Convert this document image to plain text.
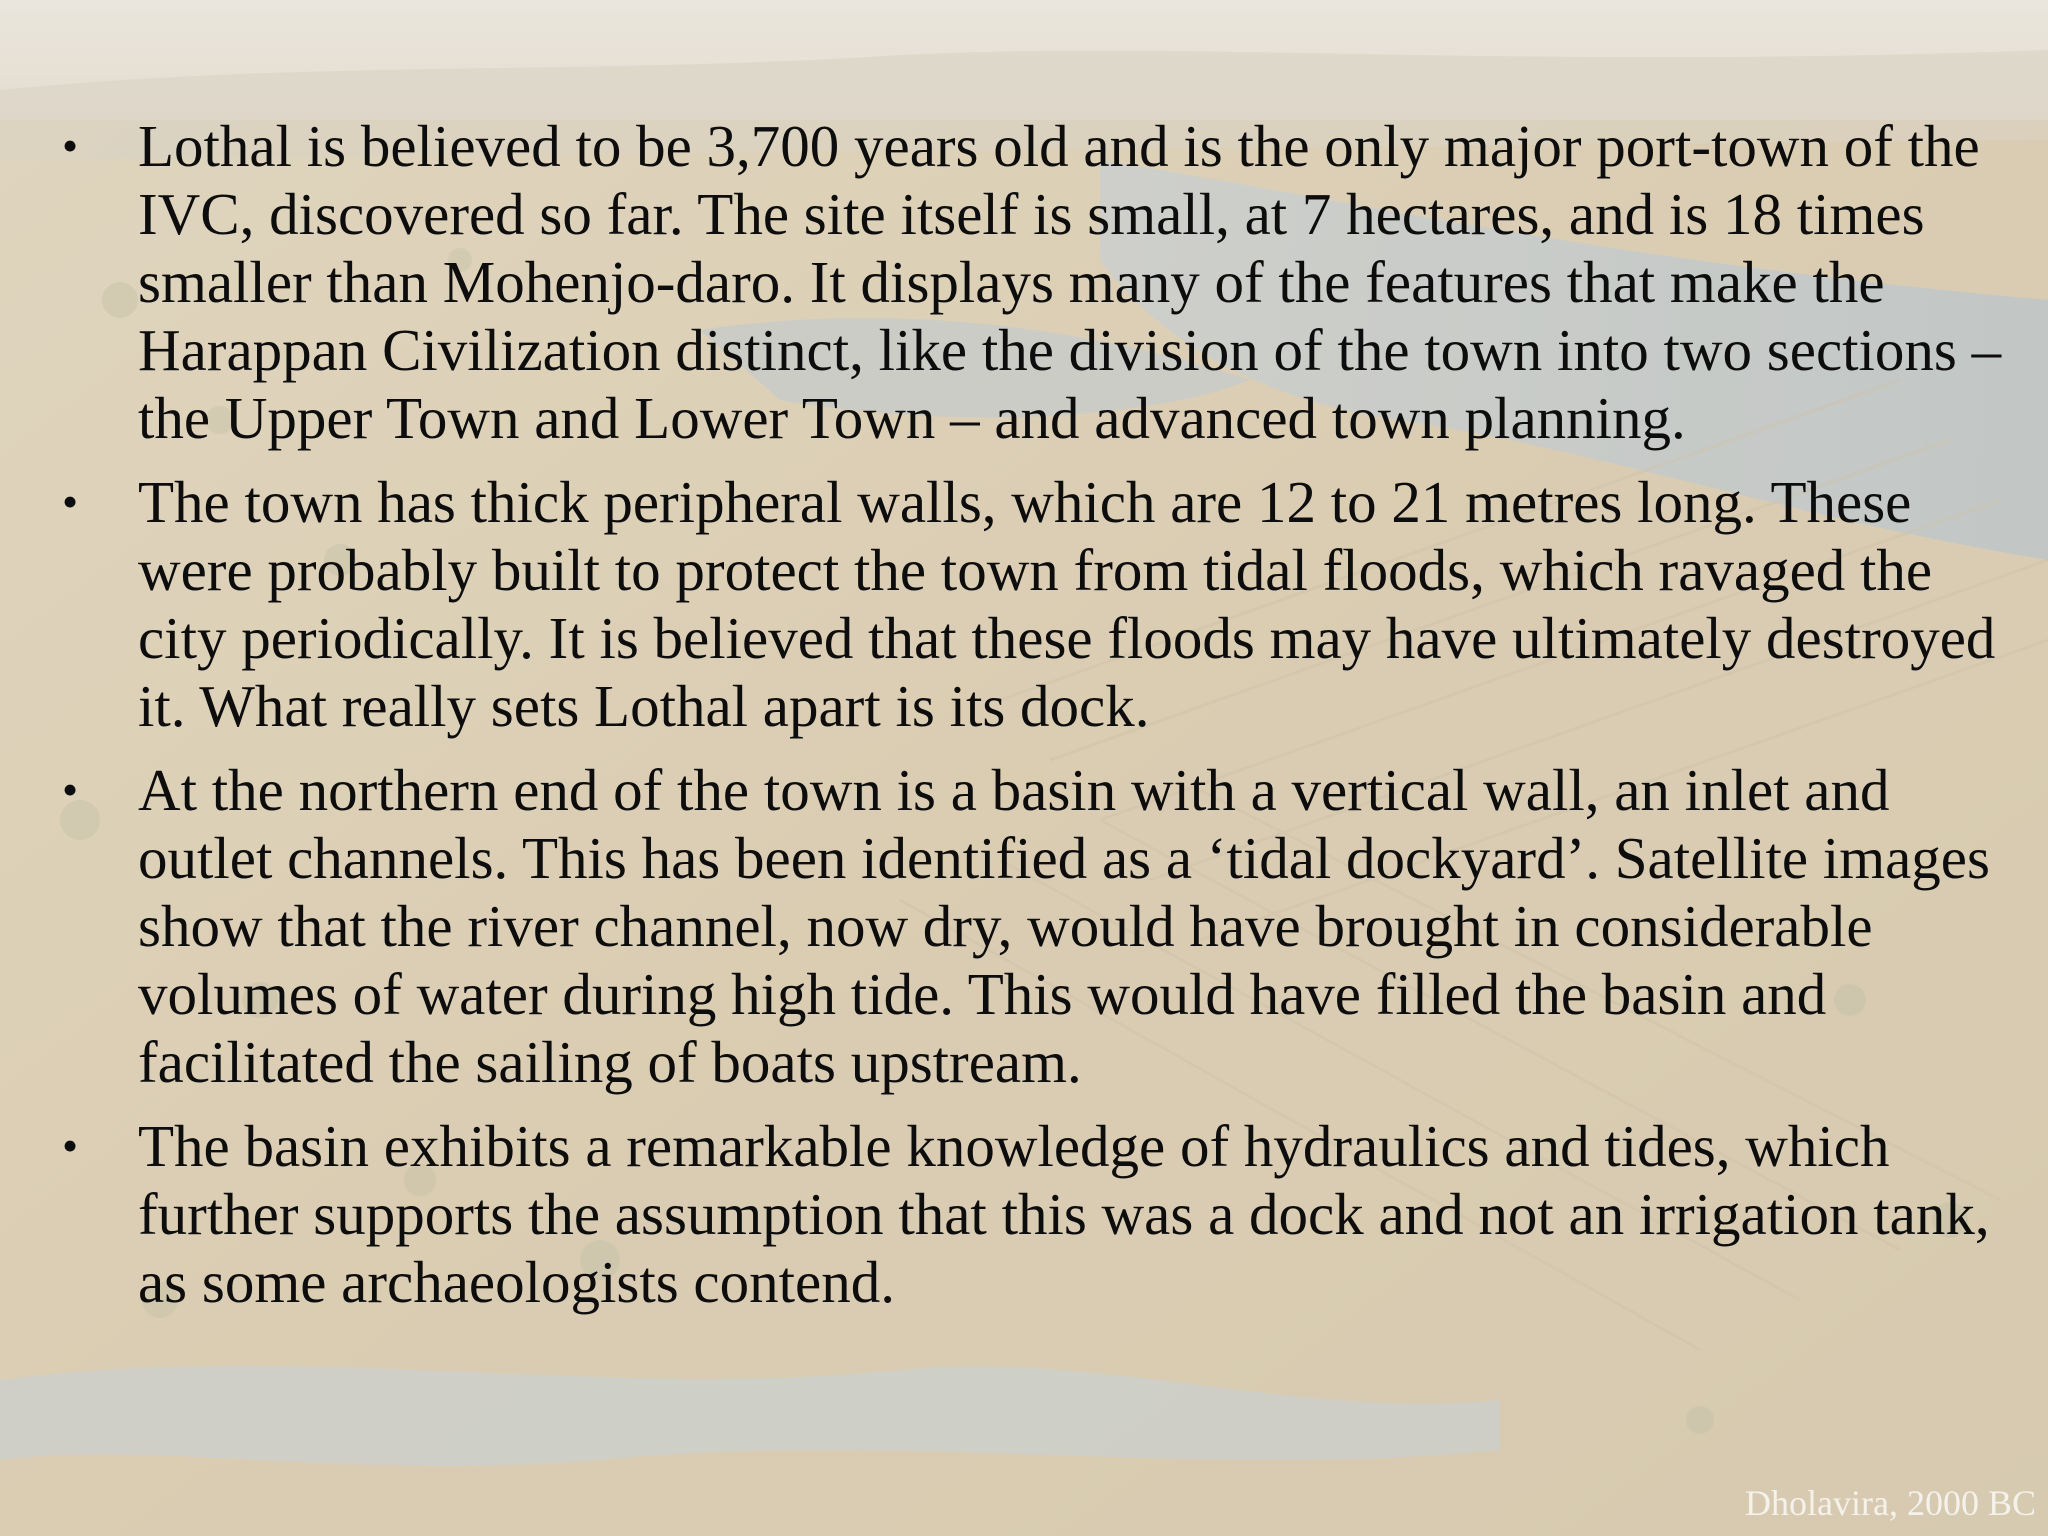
• Lothal is believed to be 3,700 years old and is the only major port-town of the IVC, discovered so far. The site itself is small, at 7 hectares, and is 18 times smaller than Mohenjo-daro. It displays many of the features that make the Harappan Civilization distinct, like the division of the town into two sections – the Upper Town and Lower Town – and advanced town planning.
• The town has thick peripheral walls, which are 12 to 21 metres long. These were probably built to protect the town from tidal floods, which ravaged the city periodically. It is believed that these floods may have ultimately destroyed it. What really sets Lothal apart is its dock.
• At the northern end of the town is a basin with a vertical wall, an inlet and outlet channels. This has been identified as a ‘tidal dockyard’. Satellite images show that the river channel, now dry, would have brought in considerable volumes of water during high tide. This would have filled the basin and facilitated the sailing of boats upstream.
• The basin exhibits a remarkable knowledge of hydraulics and tides, which further supports the assumption that this was a dock and not an irrigation tank, as some archaeologists contend.
Dholavira, 2000 BC
